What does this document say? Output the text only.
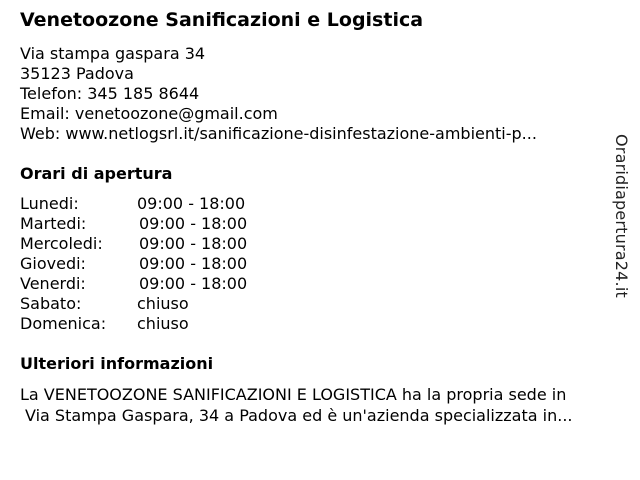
Venetoozone Sanificazioni e Logistica
Via stampa gaspara 34
35123 Padova
Telefon: 345 185 8644
Email: venetoozone@gmail.com
Web: www.netlogsrl.it/sanificazione-disinfestazione-ambienti-p...
Orari di apertura
Lunedi:	09:00 - 18:00
Martedi:	09:00 - 18:00
Mercoledi: 09:00 - 18:00
Giovedi:	09:00 - 18:00
Venerdi:	09:00 - 18:00
Sabato:	chiuso
Domenica: chiuso
Ulteriori informazioni
La VENETOOZONE SANIFICAZIONI E LOGISTICA ha la propria sede in
Via Stampa Gaspara, 34 a Padova ed è un'azienda specializzata in...
Oraridiapertura24.it
